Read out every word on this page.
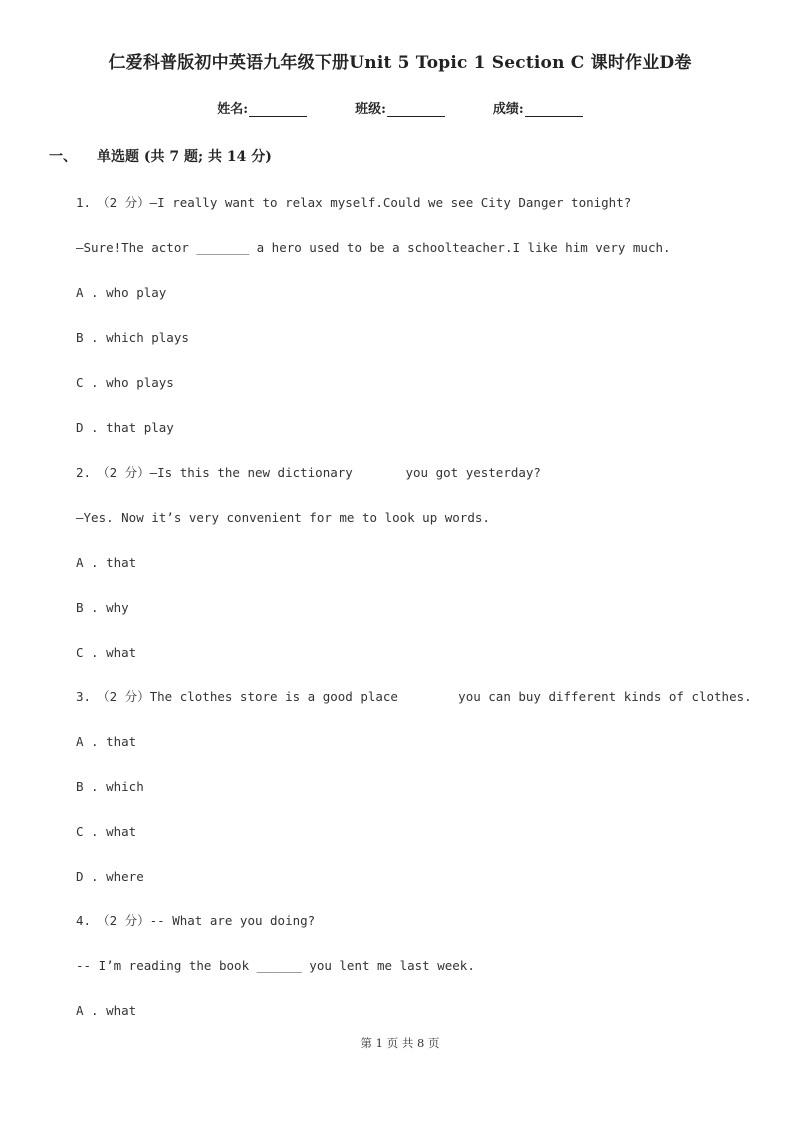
仁爱科普版初中英语九年级下册Unit 5 Topic 1 Section C 课时作业D卷
姓名:	班级:	成绩:
一、 单选题 (共 7 题; 共 14 分)
1. （2 分）—I really want to relax myself.Could we see City Danger tonight?
—Sure!The actor _______ a hero used to be a schoolteacher.I like him very much.
A . who play
B . which plays
C . who plays
D . that play
2. （2 分）—Is this the new dictionary       you got yesterday?
—Yes. Now it’s very convenient for me to look up words.
A . that
B . why
C . what
3. （2 分）The clothes store is a good place        you can buy different kinds of clothes.
A . that
B . which
C . what
D . where
4. （2 分）-- What are you doing?
-- I’m reading the book ______ you lent me last week.
A . what
第 1 页 共 8 页
